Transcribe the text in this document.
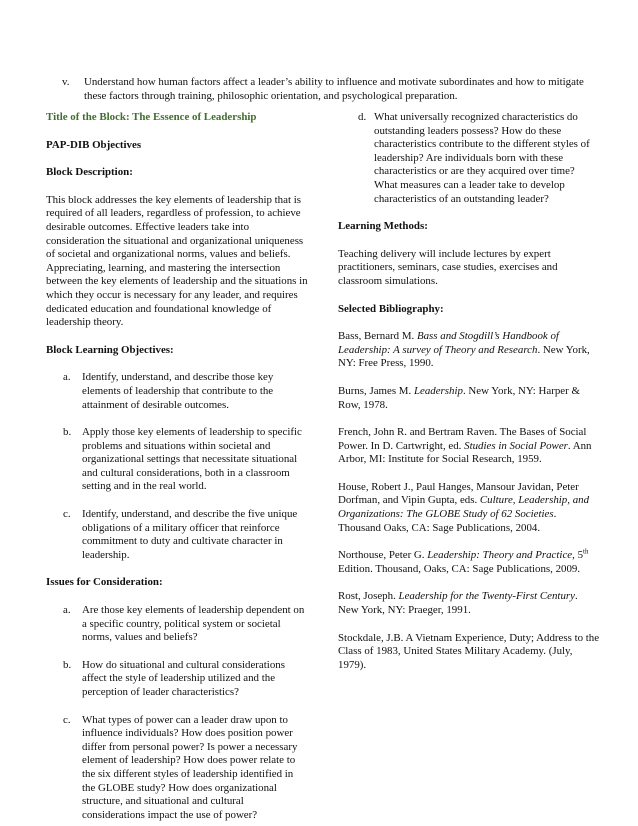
v.	Understand how human factors affect a leader’s ability to influence and motivate subordinates and how to mitigate these factors through training, philosophic orientation, and psychological preparation.

Title of the Block: The Essence of Leadership

PAP-DIB Objectives

Block Description:

This block addresses the key elements of leadership that is required of all leaders, regardless of profession, to achieve desirable outcomes. Effective leaders take into consideration the situational and organizational uniqueness of societal and organizational norms, values and beliefs. Appreciating, learning, and mastering the intersection between the key elements of leadership and the situations in which they occur is necessary for any leader, and requires dedicated education and foundational knowledge of leadership theory.

Block Learning Objectives:

a. Identify, understand, and describe those key elements of leadership that contribute to the attainment of desirable outcomes.
b. Apply those key elements of leadership to specific problems and situations within societal and organizational settings that necessitate situational and cultural considerations, both in a classroom setting and in the real world.
c. Identify, understand, and describe the five unique obligations of a military officer that reinforce commitment to duty and cultivate character in leadership.

Issues for Consideration:

a. Are those key elements of leadership dependent on a specific country, political system or societal norms, values and beliefs?
b. How do situational and cultural considerations affect the style of leadership utilized and the perception of leader characteristics?
c. What types of power can a leader draw upon to influence individuals? How does position power differ from personal power? Is power a necessary element of leadership? How does power relate to the six different styles of leadership identified in the GLOBE study? How does organizational structure, and situational and cultural considerations impact the use of power?
d. What universally recognized characteristics do outstanding leaders possess? How do these characteristics contribute to the different styles of leadership? Are individuals born with these characteristics or are they acquired over time? What measures can a leader take to develop characteristics of an outstanding leader?

Learning Methods:

Teaching delivery will include lectures by expert practitioners, seminars, case studies, exercises and classroom simulations.

Selected Bibliography:

Bass, Bernard M. Bass and Stogdill’s Handbook of Leadership: A survey of Theory and Research. New York, NY: Free Press, 1990.

Burns, James M. Leadership. New York, NY: Harper & Row, 1978.

French, John R. and Bertram Raven. The Bases of Social Power. In D. Cartwright, ed. Studies in Social Power. Ann Arbor, MI: Institute for Social Research, 1959.

House, Robert J., Paul Hanges, Mansour Javidan, Peter Dorfman, and Vipin Gupta, eds. Culture, Leadership, and Organizations: The GLOBE Study of 62 Societies. Thousand Oaks, CA: Sage Publications, 2004.

Northouse, Peter G. Leadership: Theory and Practice, 5th Edition. Thousand, Oaks, CA: Sage Publications, 2009.

Rost, Joseph. Leadership for the Twenty-First Century. New York, NY: Praeger, 1991.

Stockdale, J.B. A Vietnam Experience, Duty; Address to the Class of 1983, United States Military Academy. (July, 1979).
